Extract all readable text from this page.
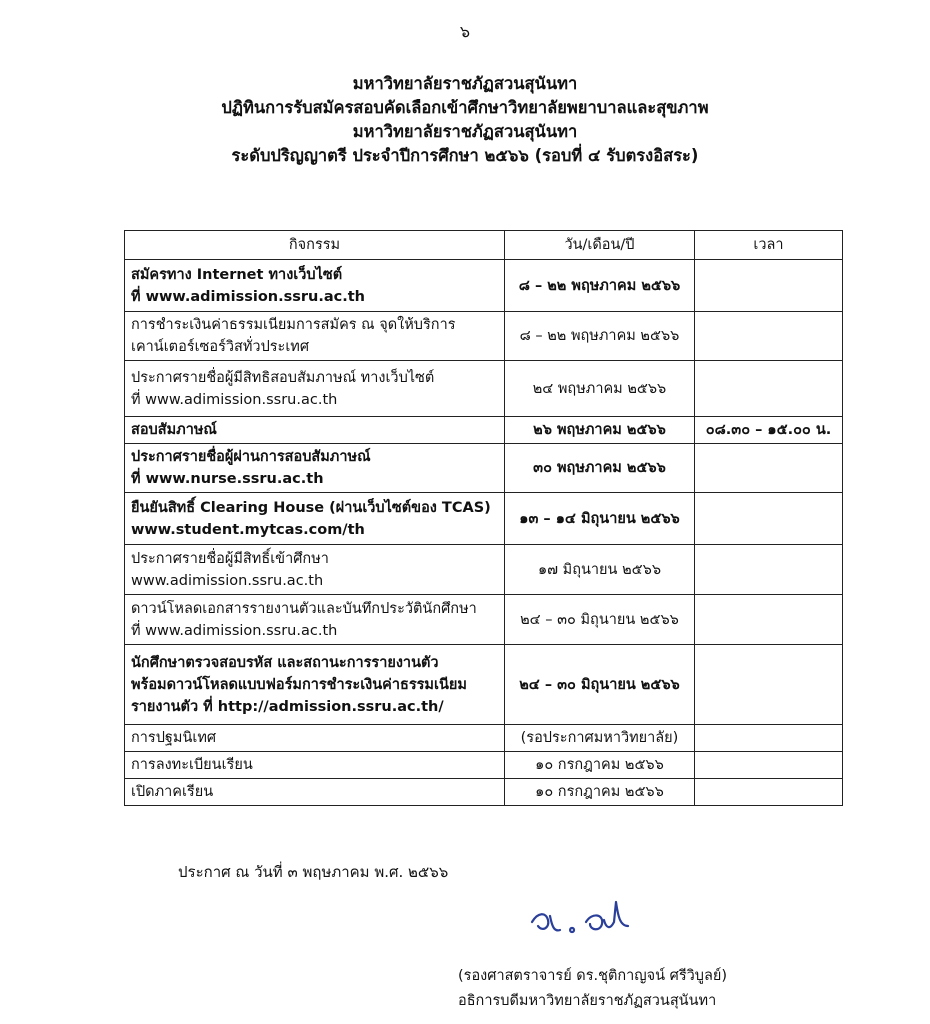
๖
มหาวิทยาลัยราชภัฏสวนสุนันทา
ปฏิทินการรับสมัครสอบคัดเลือกเข้าศึกษาวิทยาลัยพยาบาลและสุขภาพ
มหาวิทยาลัยราชภัฏสวนสุนันทา
ระดับปริญญาตรี ประจำปีการศึกษา ๒๕๖๖ (รอบที่ ๔ รับตรงอิสระ)
กิจกรรม	วัน/เดือน/ปี	เวลา

สมัครทาง Internet ทางเว็บไซต์
ที่ www.adimission.ssru.ac.th	๘ – ๒๒ พฤษภาคม ๒๕๖๖	

การชำระเงินค่าธรรมเนียมการสมัคร ณ จุดให้บริการ
เคาน์เตอร์เซอร์วิสทั่วประเทศ	๘ – ๒๒ พฤษภาคม ๒๕๖๖	

ประกาศรายชื่อผู้มีสิทธิสอบสัมภาษณ์ ทางเว็บไซต์
ที่ www.adimission.ssru.ac.th	๒๔ พฤษภาคม ๒๕๖๖	

สอบสัมภาษณ์	๒๖ พฤษภาคม ๒๕๖๖	๐๘.๓๐ – ๑๕.๐๐ น.

ประกาศรายชื่อผู้ผ่านการสอบสัมภาษณ์
ที่ www.nurse.ssru.ac.th	๓๐ พฤษภาคม ๒๕๖๖	

ยืนยันสิทธิ์ Clearing House (ผ่านเว็บไซต์ของ TCAS)
www.student.mytcas.com/th	๑๓ – ๑๔ มิถุนายน ๒๕๖๖	

ประกาศรายชื่อผู้มีสิทธิ์เข้าศึกษา
www.adimission.ssru.ac.th	๑๗ มิถุนายน ๒๕๖๖	

ดาวน์โหลดเอกสารรายงานตัวและบันทึกประวัตินักศึกษา
ที่ www.adimission.ssru.ac.th	๒๔ – ๓๐ มิถุนายน ๒๕๖๖	

นักศึกษาตรวจสอบรหัส และสถานะการรายงานตัว
พร้อมดาวน์โหลดแบบฟอร์มการชำระเงินค่าธรรมเนียม
รายงานตัว ที่ http://admission.ssru.ac.th/	๒๔ – ๓๐ มิถุนายน ๒๕๖๖	

การปฐมนิเทศ	(รอประกาศมหาวิทยาลัย)	

การลงทะเบียนเรียน	๑๐ กรกฎาคม ๒๕๖๖	

เปิดภาคเรียน	๑๐ กรกฎาคม ๒๕๖๖	
ประกาศ ณ วันที่ ๓ พฤษภาคม พ.ศ. ๒๕๖๖
(รองศาสตราจารย์ ดร.ชุติกาญจน์ ศรีวิบูลย์)
อธิการบดีมหาวิทยาลัยราชภัฏสวนสุนันทา
